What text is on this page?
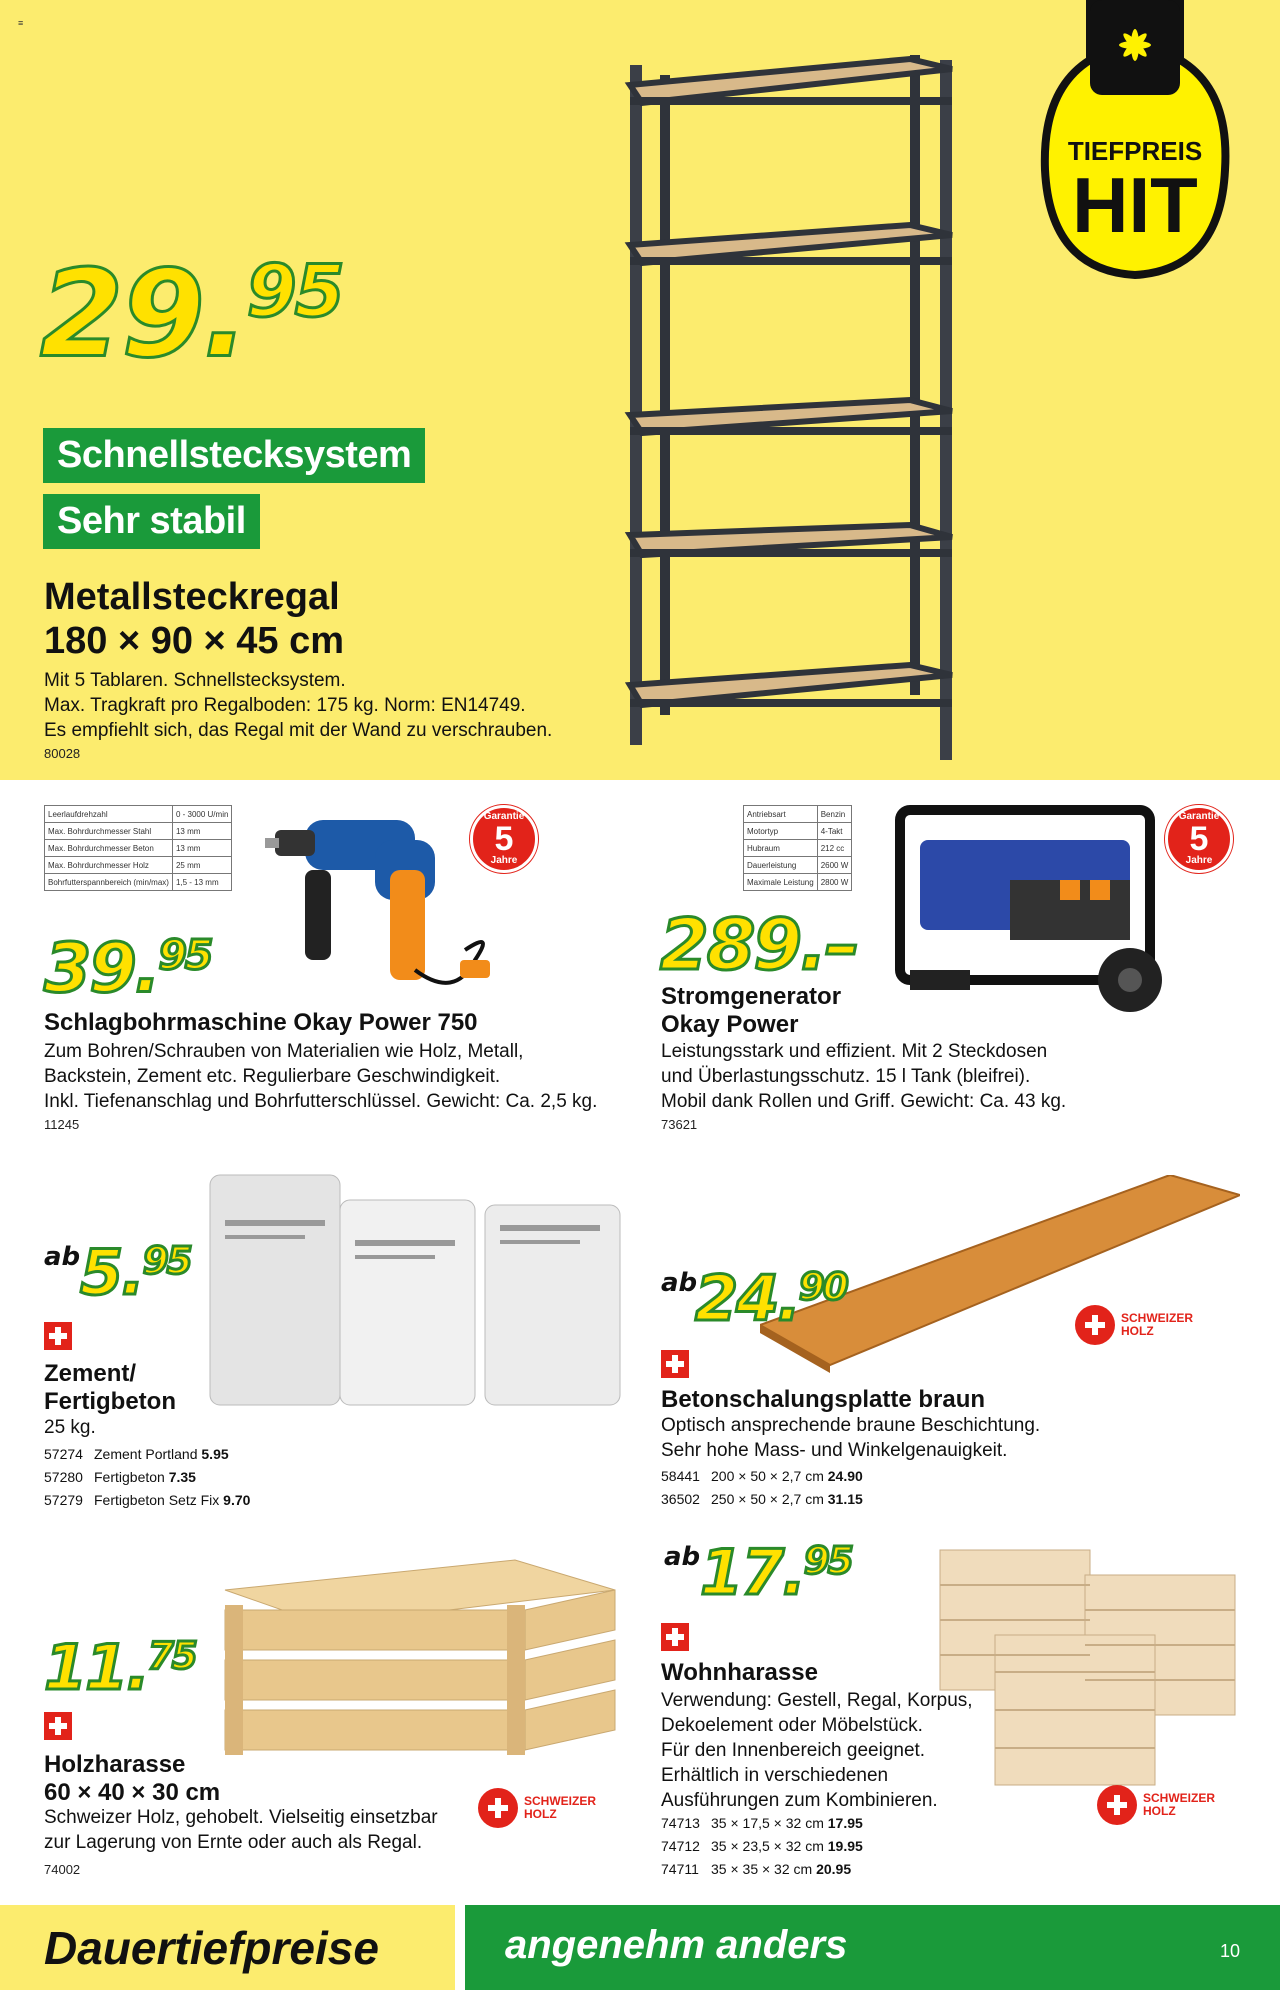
≡
29.95
Schnellstecksystem
Sehr stabil
Metallsteckregal
180 × 90 × 45 cm
Mit 5 Tablaren. Schnellstecksystem.
Max. Tragkraft pro Regalboden: 175 kg. Norm: EN14749.
Es empfiehlt sich, das Regal mit der Wand zu verschrauben.
80028
TIEFPREIS
HIT
Leerlaufdrehzahl	0 - 3000 U/min
Max. Bohrdurchmesser Stahl	13 mm
Max. Bohrdurchmesser Beton	13 mm
Max. Bohrdurchmesser Holz	25 mm
Bohrfutterspannbereich (min/max)	1,5 - 13 mm
Garantie
5
Jahre
39.95
Schlagbohrmaschine Okay Power 750
Zum Bohren/Schrauben von Materialien wie Holz, Metall,
Backstein, Zement etc. Regulierbare Geschwindigkeit.
Inkl. Tiefenanschlag und Bohrfutterschlüssel. Gewicht: Ca. 2,5 kg.
11245
Antriebsart	Benzin
Motortyp	4-Takt
Hubraum	212 cc
Dauerleistung	2600 W
Maximale Leistung	2800 W
Garantie
5
Jahre
289.–
Stromgenerator
Okay Power
Leistungsstark und effizient. Mit 2 Steckdosen
und Überlastungsschutz. 15 l Tank (bleifrei).
Mobil dank Rollen und Griff. Gewicht: Ca. 43 kg.
73621
ab 5.95
Zement/
Fertigbeton
25 kg.
57274 Zement Portland 5.95
57280 Fertigbeton 7.35
57279 Fertigbeton Setz Fix 9.70
ab
24.90
SCHWEIZER
HOLZ
Betonschalungsplatte braun
Optisch ansprechende braune Beschichtung.
Sehr hohe Mass- und Winkelgenauigkeit.
58441 200 × 50 × 2,7 cm 24.90
36502 250 × 50 × 2,7 cm 31.15
11.75
Holzharasse
60 × 40 × 30 cm
Schweizer Holz, gehobelt. Vielseitig einsetzbar
zur Lagerung von Ernte oder auch als Regal.
74002
SCHWEIZER
HOLZ
ab 17.95
Wohnharasse
Verwendung: Gestell, Regal, Korpus,
Dekoelement oder Möbelstück.
Für den Innenbereich geeignet.
Erhältlich in verschiedenen
Ausführungen zum Kombinieren.
74713 35 × 17,5 × 32 cm 17.95
74712 35 × 23,5 × 32 cm 19.95
74711 35 × 35 × 32 cm 20.95
SCHWEIZER
HOLZ
Dauertiefpreise	angenehm anders	10
